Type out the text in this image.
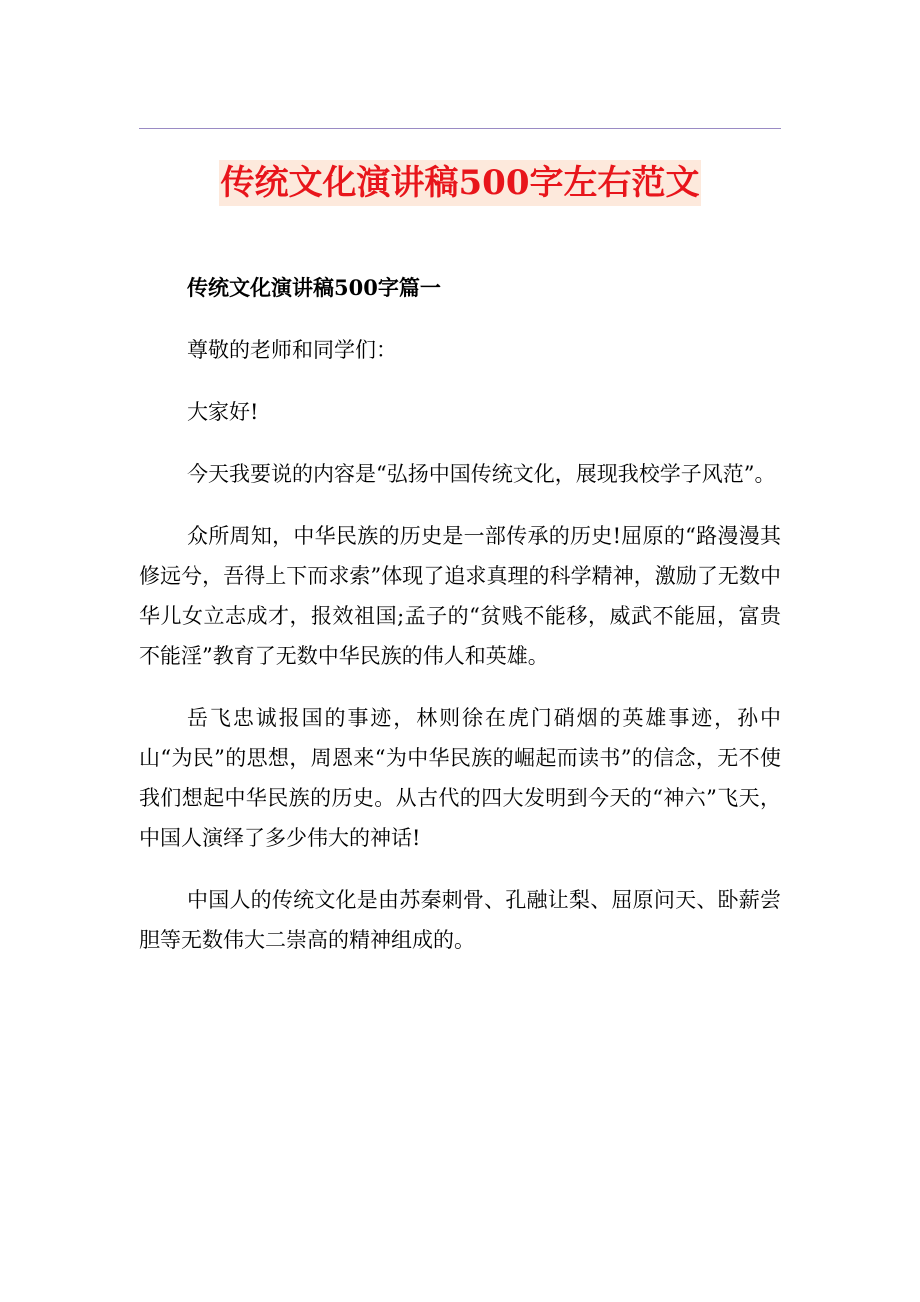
传统文化演讲稿500字左右范文

传统文化演讲稿500字篇一

尊敬的老师和同学们：

大家好!

今天我要说的内容是“弘扬中国传统文化，展现我校学子风范”。

众所周知，中华民族的历史是一部传承的历史!屈原的“路漫漫其修远兮，吾得上下而求索”体现了追求真理的科学精神，激励了无数中华儿女立志成才，报效祖国;孟子的“贫贱不能移，威武不能屈，富贵不能淫”教育了无数中华民族的伟人和英雄。

岳飞忠诚报国的事迹，林则徐在虎门硝烟的英雄事迹，孙中山“为民”的思想，周恩来“为中华民族的崛起而读书”的信念，无不使我们想起中华民族的历史。从古代的四大发明到今天的“神六”飞天，中国人演绎了多少伟大的神话!

中国人的传统文化是由苏秦刺骨、孔融让梨、屈原问天、卧薪尝胆等无数伟大二崇高的精神组成的。
